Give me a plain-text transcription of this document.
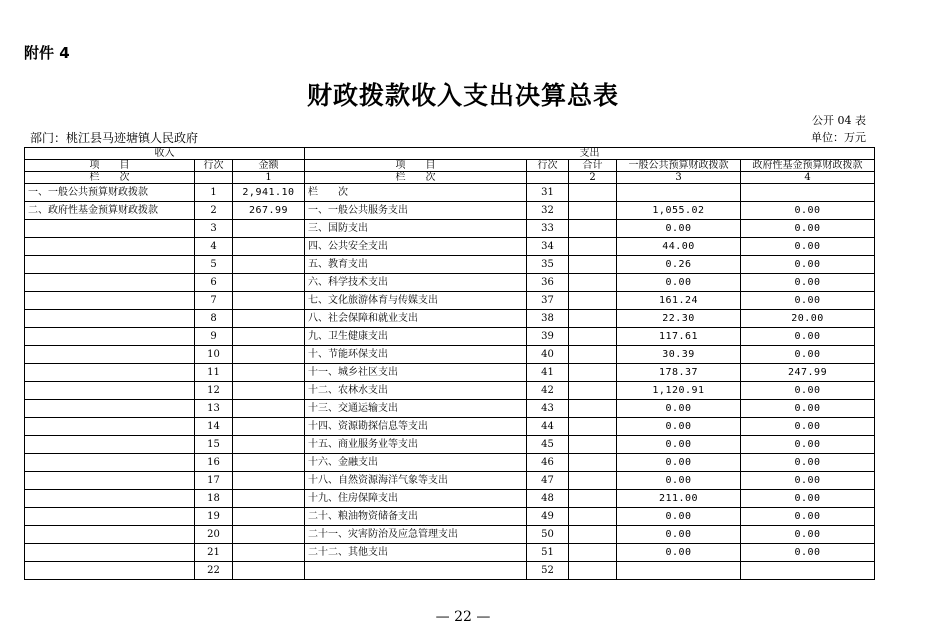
附件 4
财政拨款收入支出决算总表
公开 04 表
部门：桃江县马迹塘镇人民政府	单位：万元
收入			支出				
项　　目	行次	金额	项　　目	行次	合计	一般公共预算财政拨款	政府性基金预算财政拨款
栏　　次		1	栏　　次		2	3	4
一、一般公共预算财政拨款	1	2,941.10	栏　　次	31			
二、政府性基金预算财政拨款	2	267.99	一、一般公共服务支出	32		1,055.02	0.00
	3		三、国防支出	33		0.00	0.00
	4		四、公共安全支出	34		44.00	0.00
	5		五、教育支出	35		0.26	0.00
	6		六、科学技术支出	36		0.00	0.00
	7		七、文化旅游体育与传媒支出	37		161.24	0.00
	8		八、社会保障和就业支出	38		22.30	20.00
	9		九、卫生健康支出	39		117.61	0.00
	10		十、节能环保支出	40		30.39	0.00
	11		十一、城乡社区支出	41		178.37	247.99
	12		十二、农林水支出	42		1,120.91	0.00
	13		十三、交通运输支出	43		0.00	0.00
	14		十四、资源勘探信息等支出	44		0.00	0.00
	15		十五、商业服务业等支出	45		0.00	0.00
	16		十六、金融支出	46		0.00	0.00
	17		十八、自然资源海洋气象等支出	47		0.00	0.00
	18		十九、住房保障支出	48		211.00	0.00
	19		二十、粮油物资储备支出	49		0.00	0.00
	20		二十一、灾害防治及应急管理支出	50		0.00	0.00
	21		二十二、其他支出	51		0.00	0.00
	22			52			
— 22 —
